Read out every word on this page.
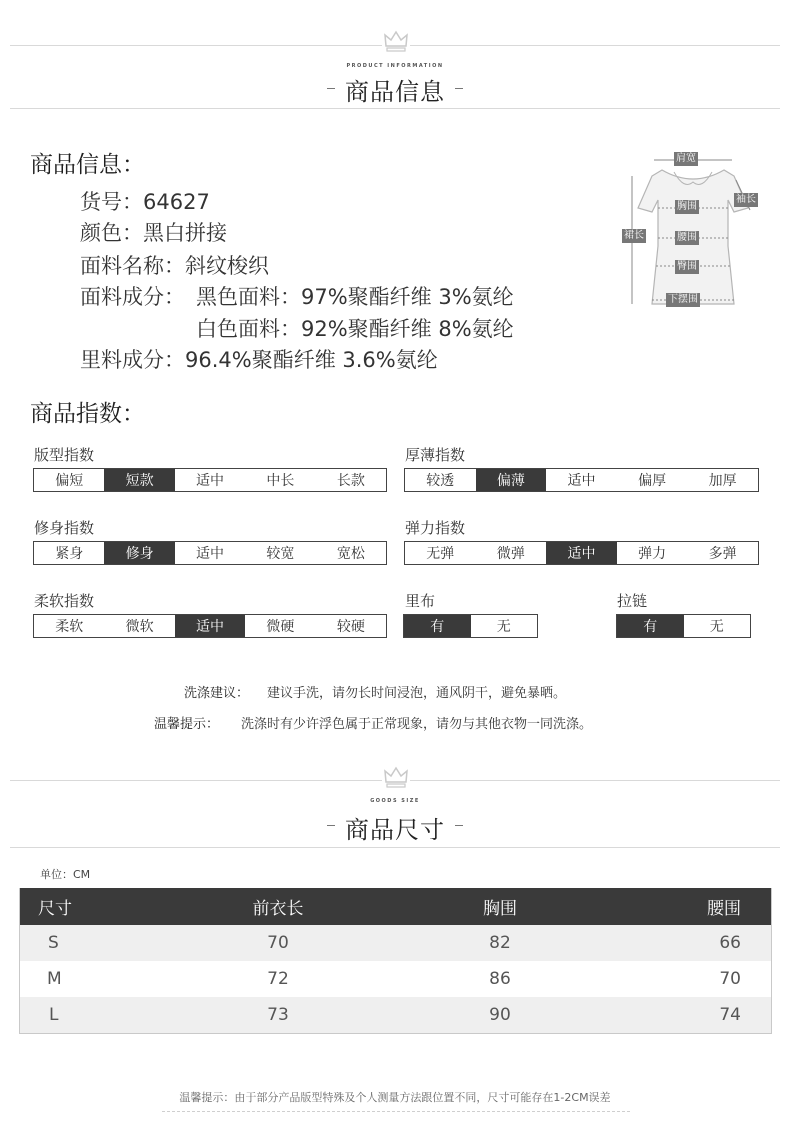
PRODUCT INFORMATION
商品信息
商品信息：
货号：64627
颜色：黑白拼接
面料名称：斜纹梭织
面料成分： 黑色面料：97%聚酯纤维 3%氨纶
白色面料：92%聚酯纤维 8%氨纶
里料成分：96.4%聚酯纤维 3.6%氨纶
肩宽
袖长
胸围
裙长	腰围
臀围
下摆围
商品指数：
版型指数
偏短	短款	适中	中长	长款
厚薄指数
较透	偏薄	适中	偏厚	加厚
修身指数
紧身	修身	适中	较宽	宽松
弹力指数
无弹	微弹	适中	弹力	多弹
柔软指数
柔软	微软	适中	微硬	较硬
里布
有	无
拉链
有	无
洗涤建议： 建议手洗，请勿长时间浸泡，通风阴干，避免暴晒。
温馨提示： 洗涤时有少许浮色属于正常现象，请勿与其他衣物一同洗涤。
GOODS SIZE
商品尺寸
单位：CM
尺寸	前衣长	胸围	腰围
S	70	82	66
M	72	86	70
L	73	90	74
温馨提示：由于部分产品版型特殊及个人测量方法跟位置不同，尺寸可能存在1-2CM误差
